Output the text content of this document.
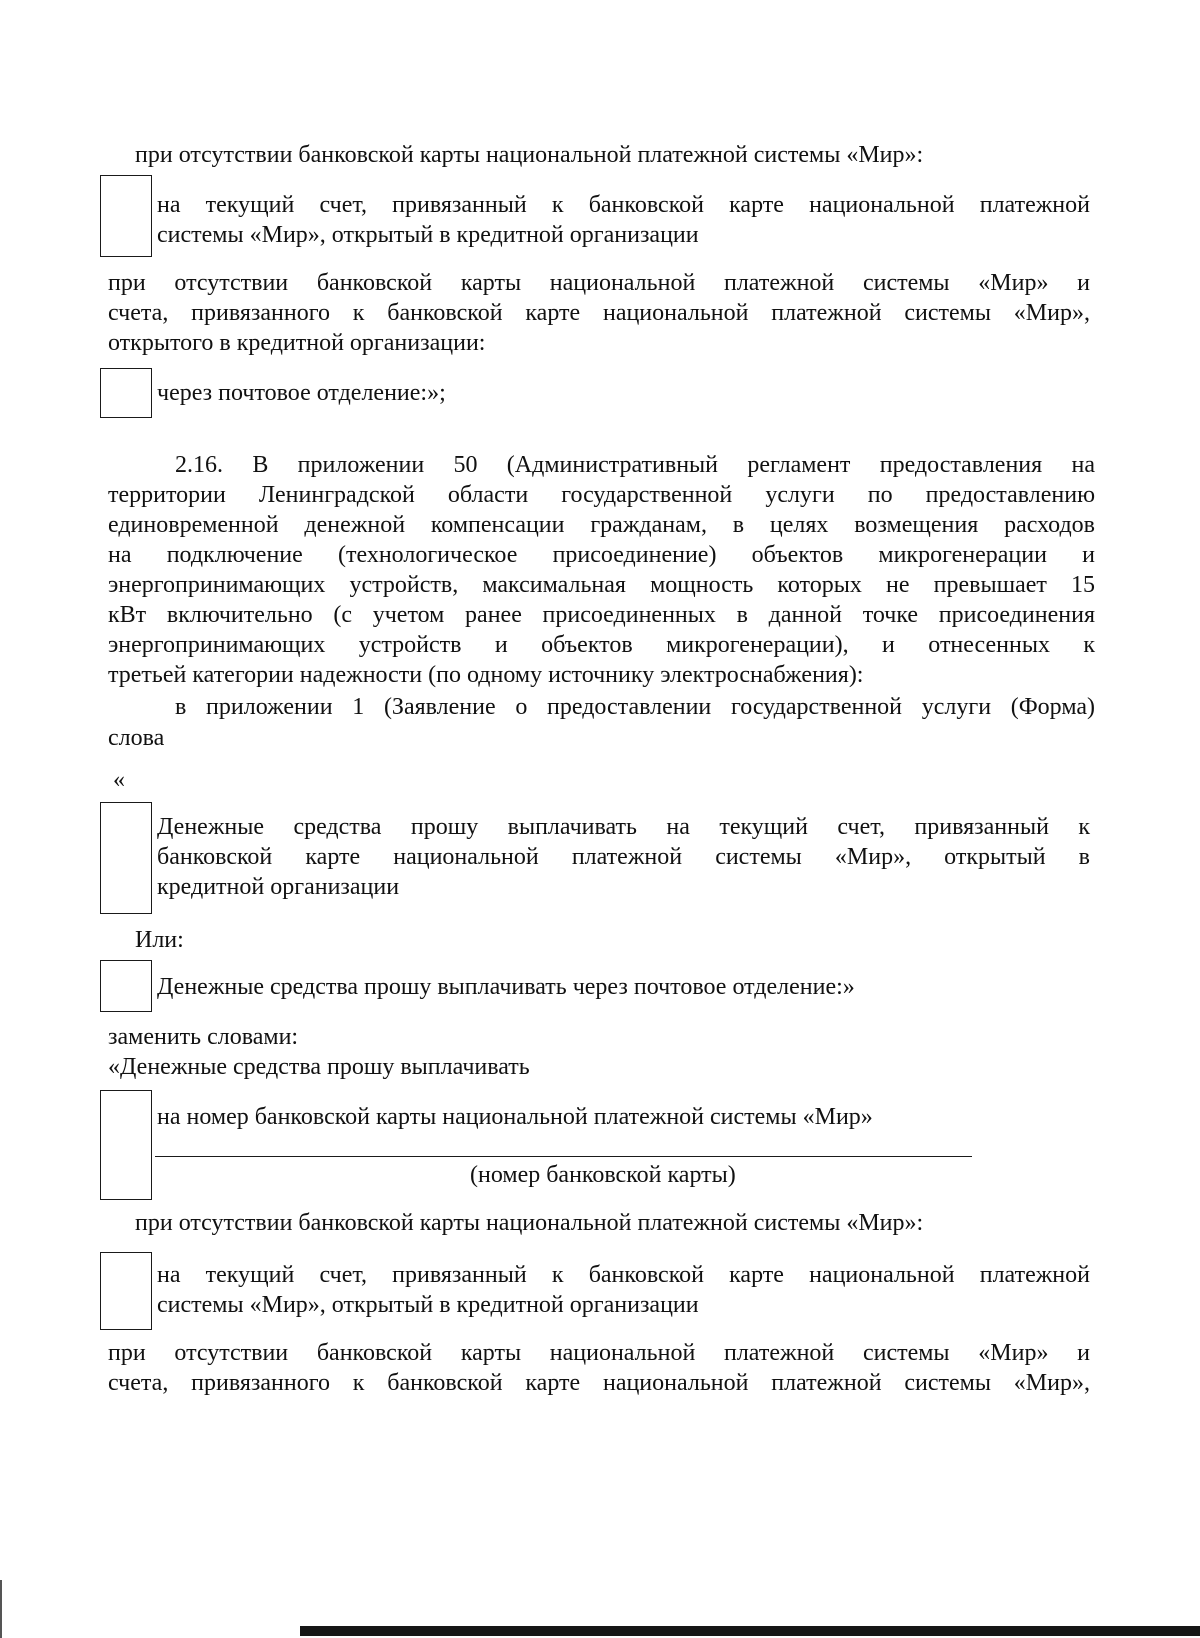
при отсутствии банковской карты национальной платежной системы «Мир»:
на текущий счет, привязанный к банковской карте национальной платежной
системы «Мир», открытый в кредитной организации
при отсутствии банковской карты национальной платежной системы «Мир» и
счета, привязанного к банковской карте национальной платежной системы «Мир»,
открытого в кредитной организации:
через почтовое отделение:»;
2.16. В приложении 50 (Административный регламент предоставления на
территории Ленинградской области государственной услуги по предоставлению
единовременной денежной компенсации гражданам, в целях возмещения расходов
на подключение (технологическое присоединение) объектов микрогенерации и
энергопринимающих устройств, максимальная мощность которых не превышает 15
кВт включительно (с учетом ранее присоединенных в данной точке присоединения
энергопринимающих устройств и объектов микрогенерации), и отнесенных к
третьей категории надежности (по одному источнику электроснабжения):
в приложении 1 (Заявление о предоставлении государственной услуги (Форма)
слова
«
Денежные средства прошу выплачивать на текущий счет, привязанный к
банковской карте национальной платежной системы «Мир», открытый в
кредитной организации
Или:
Денежные средства прошу выплачивать через почтовое отделение:»
заменить словами:
«Денежные средства прошу выплачивать
на номер банковской карты национальной платежной системы «Мир»
(номер банковской карты)
при отсутствии банковской карты национальной платежной системы «Мир»:
на текущий счет, привязанный к банковской карте национальной платежной
системы «Мир», открытый в кредитной организации
при отсутствии банковской карты национальной платежной системы «Мир» и
счета, привязанного к банковской карте национальной платежной системы «Мир»,
